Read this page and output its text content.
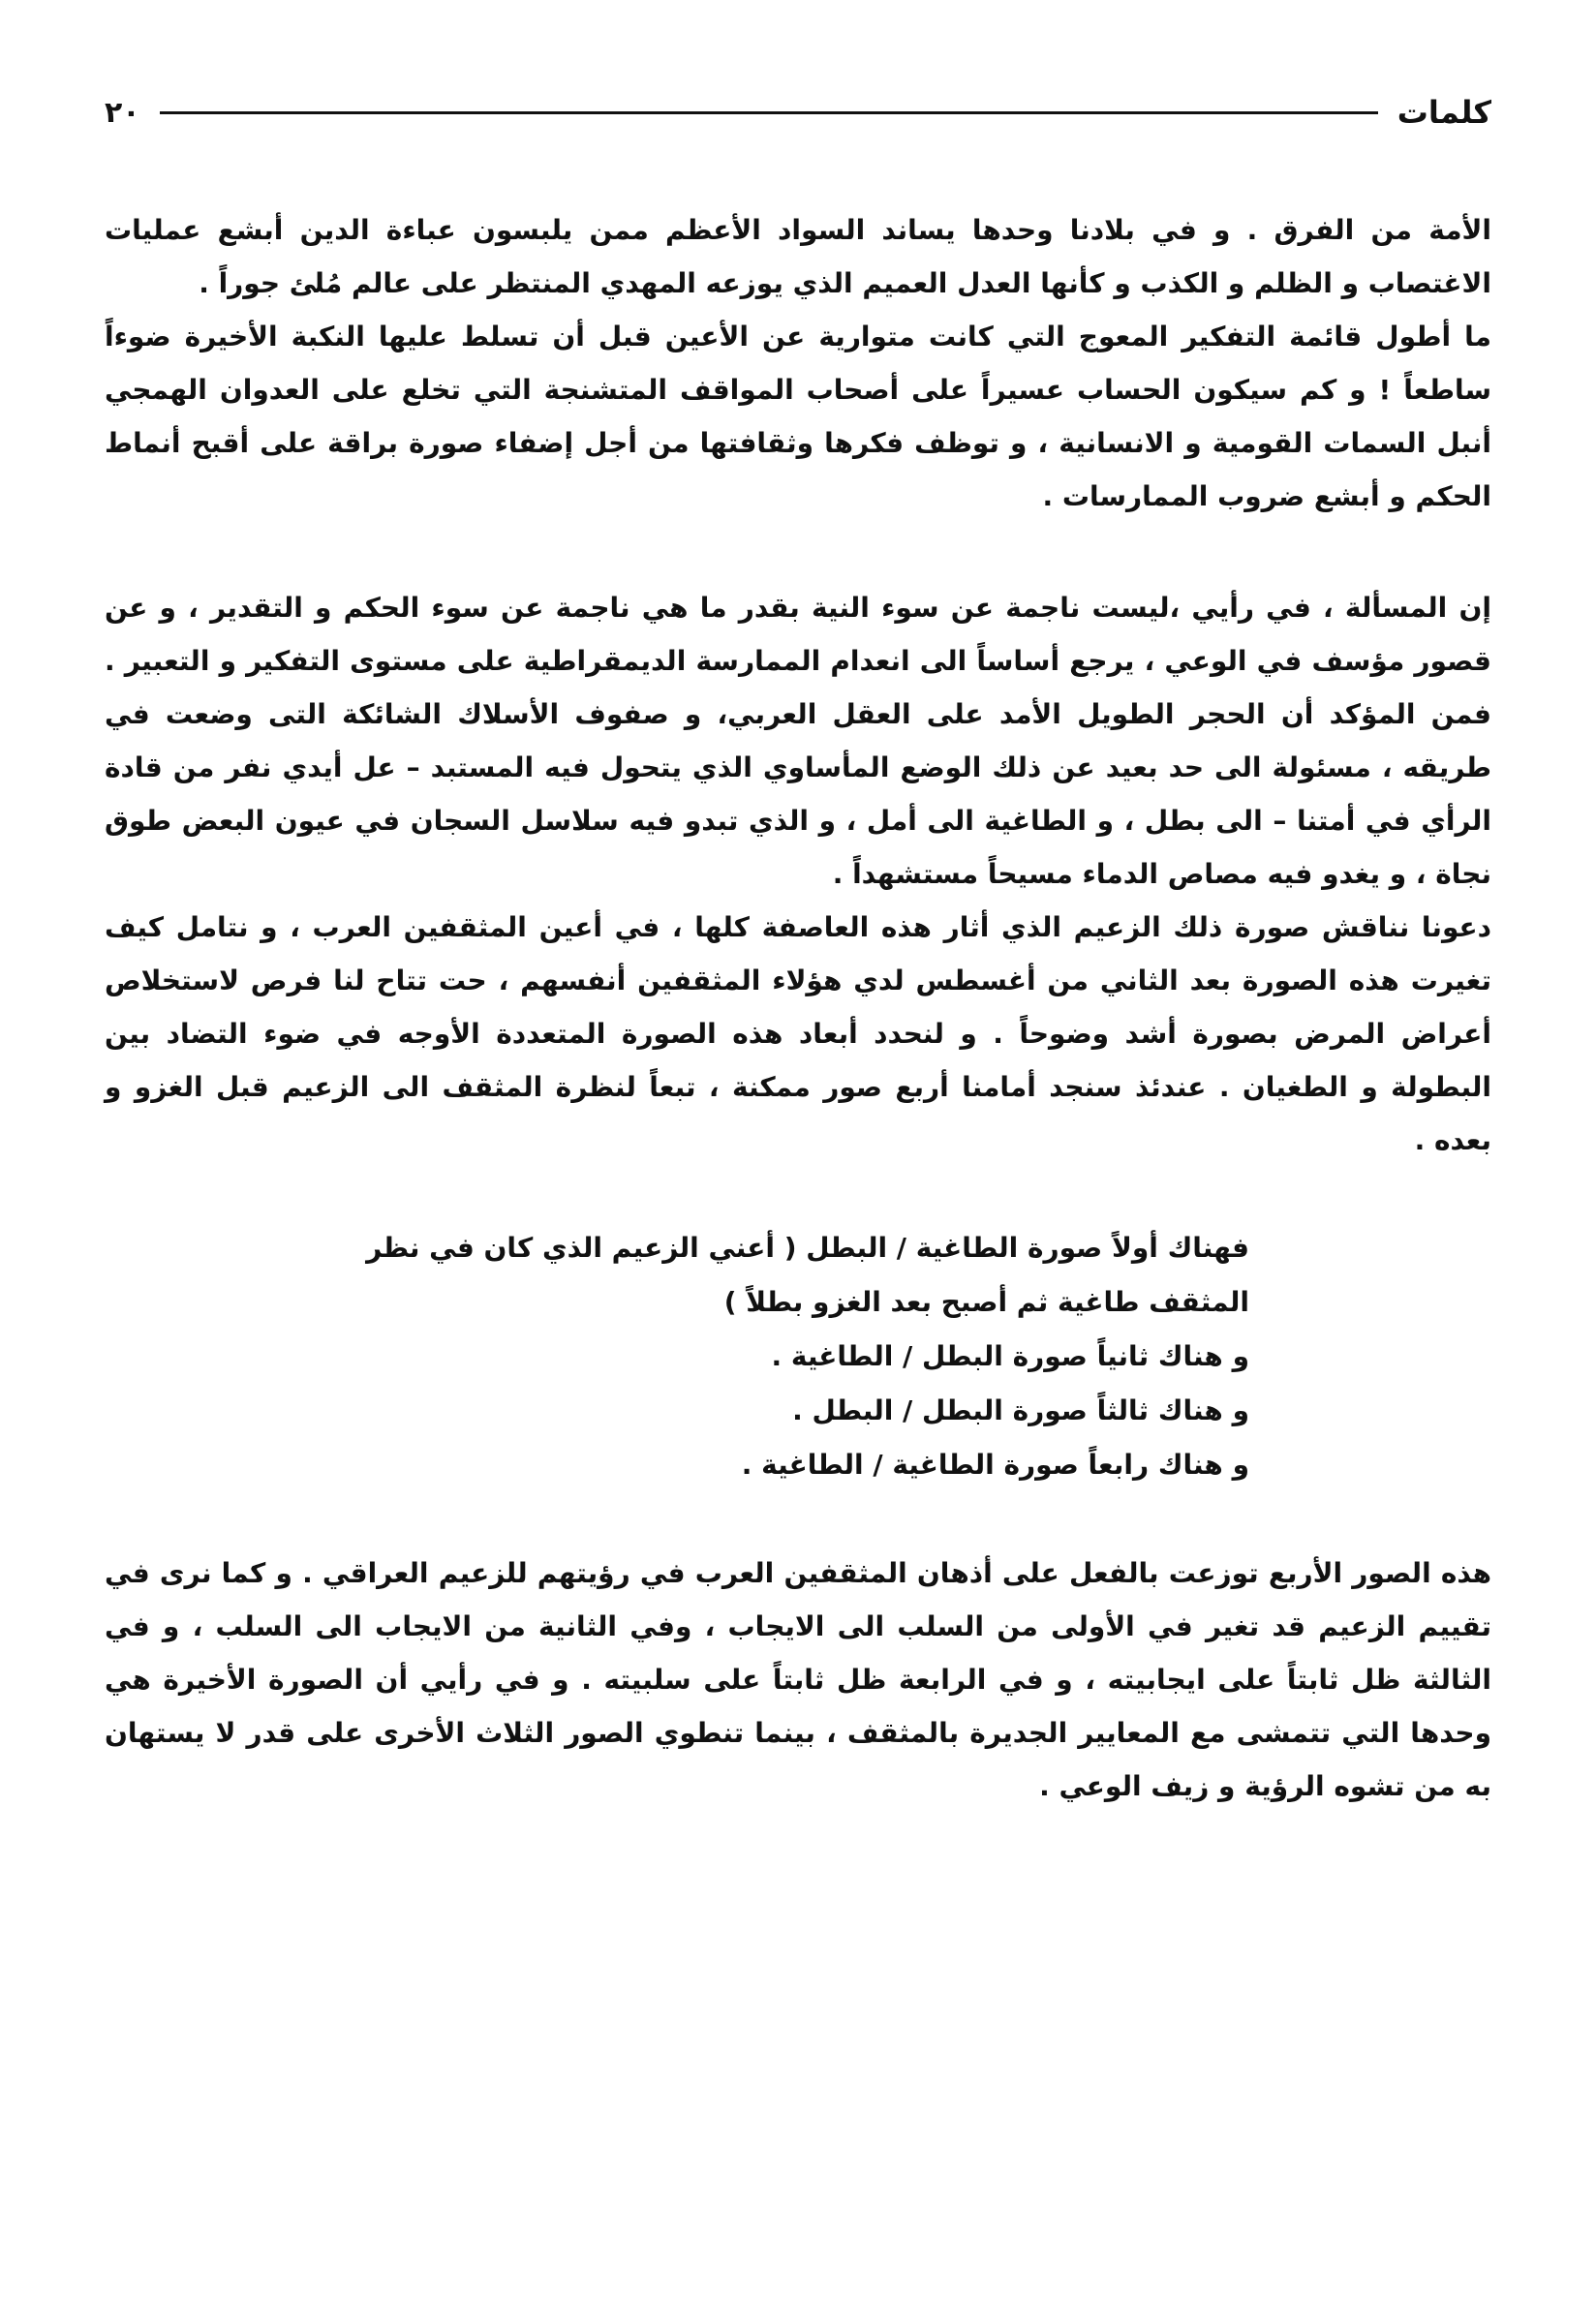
كلمات
٢٠

الأمة من الفرق . و في بلادنا وحدها يساند السواد الأعظم ممن يلبسون عباءة الدين أبشع عمليات الاغتصاب و الظلم و الكذب و كأنها العدل العميم الذي يوزعه المهدي المنتظر على عالم مُلئ جوراً .

ما أطول قائمة التفكير المعوج التي كانت متوارية عن الأعين قبل أن تسلط عليها النكبة الأخيرة ضوءاً ساطعاً ! و كم سيكون الحساب عسيراً على أصحاب المواقف المتشنجة التي تخلع على العدوان الهمجي أنبل السمات القومية و الانسانية ، و توظف فكرها وثقافتها من أجل إضفاء صورة براقة على أقبح أنماط الحكم و أبشع ضروب الممارسات .

إن المسألة ، في رأيي ،ليست ناجمة عن سوء النية بقدر ما هي ناجمة عن سوء الحكم و التقدير ، و عن قصور مؤسف في الوعي ، يرجع أساساً الى انعدام الممارسة الديمقراطية على مستوى التفكير و التعبير . فمن المؤكد أن الحجر الطويل الأمد على العقل العربي، و صفوف الأسلاك الشائكة التى وضعت في طريقه ، مسئولة الى حد بعيد عن ذلك الوضع المأساوي الذي يتحول فيه المستبد – عل أيدي نفر من قادة الرأي في أمتنا – الى بطل ، و الطاغية الى أمل ، و الذي تبدو فيه سلاسل السجان في عيون البعض طوق نجاة ، و يغدو فيه مصاص الدماء مسيحاً مستشهداً .

دعونا نناقش صورة ذلك الزعيم الذي أثار هذه العاصفة كلها ، في أعين المثقفين العرب ، و نتامل كيف تغيرت هذه الصورة بعد الثاني من أغسطس لدي هؤلاء المثقفين أنفسهم ، حت تتاح لنا فرص لاستخلاص أعراض المرض بصورة أشد وضوحاً . و لنحدد أبعاد هذه الصورة المتعددة الأوجه في ضوء التضاد بين البطولة و الطغيان . عندئذ سنجد أمامنا أربع صور ممكنة ، تبعاً لنظرة المثقف الى الزعيم قبل الغزو و بعده .

فهناك أولاً صورة الطاغية / البطل ( أعني الزعيم الذي كان في نظر المثقف طاغية ثم أصبح بعد الغزو بطلاً )
و هناك ثانياً صورة البطل / الطاغية .
و هناك ثالثاً صورة البطل / البطل .
و هناك رابعاً صورة الطاغية / الطاغية .

هذه الصور الأربع توزعت بالفعل على أذهان المثقفين العرب في رؤيتهم للزعيم العراقي . و كما نرى في تقييم الزعيم قد تغير في الأولى من السلب الى الايجاب ، وفي الثانية من الايجاب الى السلب ، و في الثالثة ظل ثابتاً على ايجابيته ، و في الرابعة ظل ثابتاً على سلبيته . و في رأيي أن الصورة الأخيرة هي وحدها التي تتمشى مع المعايير الجديرة بالمثقف ، بينما تنطوي الصور الثلاث الأخرى على قدر لا يستهان به من تشوه الرؤية و زيف الوعي .
